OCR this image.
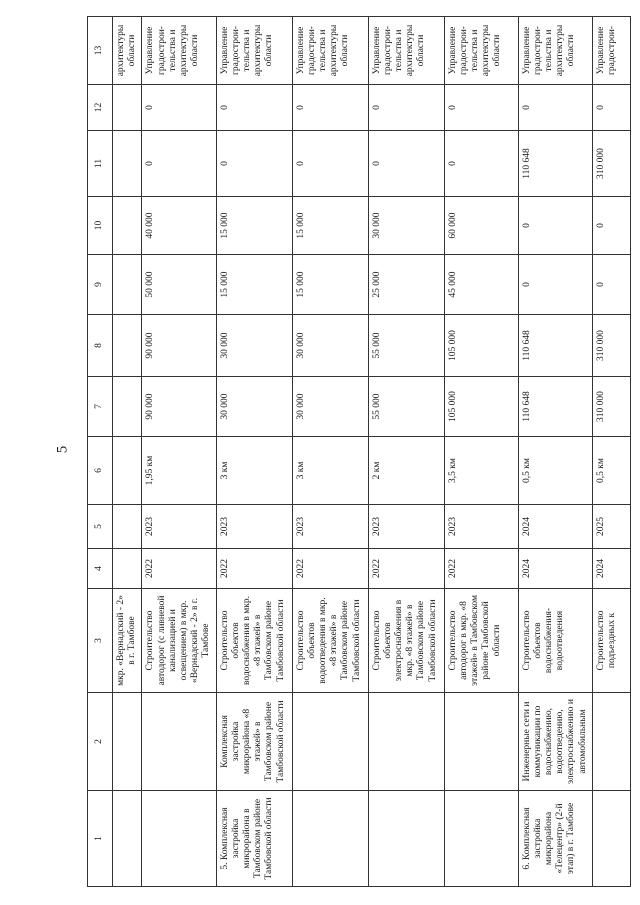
5
1	2	3	4	5	6	7	8	9	10	11	12	13
		мкр. «Вернадский - 2» в г. Тамбове										архитектуры области
		Строительство автодорог (с ливневой канализацией и освещением) в мкр. «Вернадский - 2» в г. Тамбове	2022	2023	1,95 км	90 000	90 000	50 000	40 000	0	0	Управление градострои-тельства и архитектуры области
5. Комплексная застройка микрорайона в Тамбовском районе Тамбовской области	Комплексная застройка микрорайона «8 этажей» в Тамбовском районе Тамбовской области	Строительство объектов водоснабжения в мкр. «8 этажей» в Тамбовском районе Тамбовской области	2022	2023	3 км	30 000	30 000	15 000	15 000	0	0	Управление градострои-тельства и архитектуры области
		Строительство объектов водоотведения в мкр. «8 этажей» в Тамбовском районе Тамбовской области	2022	2023	3 км	30 000	30 000	15 000	15 000	0	0	Управление градострои-тельства и архитектуры области
		Строительство объектов электроснабжения в мкр. «8 этажей» в Тамбовском районе Тамбовской области	2022	2023	2 км	55 000	55 000	25 000	30 000	0	0	Управление градострои-тельства и архитектуры области
		Строительство автодорог в мкр. «8 этажей» в Тамбовском районе Тамбовской области	2022	2023	3,5 км	105 000	105 000	45 000	60 000	0	0	Управление градострои-тельства и архитектуры области
6. Комплексная застройка микрорайона «Телецентр» (2-й этап) в г. Тамбове	Инженерные сети и коммуникации по водоснабжению, водоотведению, электроснабжению и автомобильным	Строительство объектов водоснабжения-водоотведения	2024	2024	0,5 км	110 648	110 648	0	0	110 648	0	Управление градострои-тельства и архитектуры области
		Строительство подъездных к	2024	2025	0,5 км	310 000	310 000	0	0	310 000	0	Управление градострои-
